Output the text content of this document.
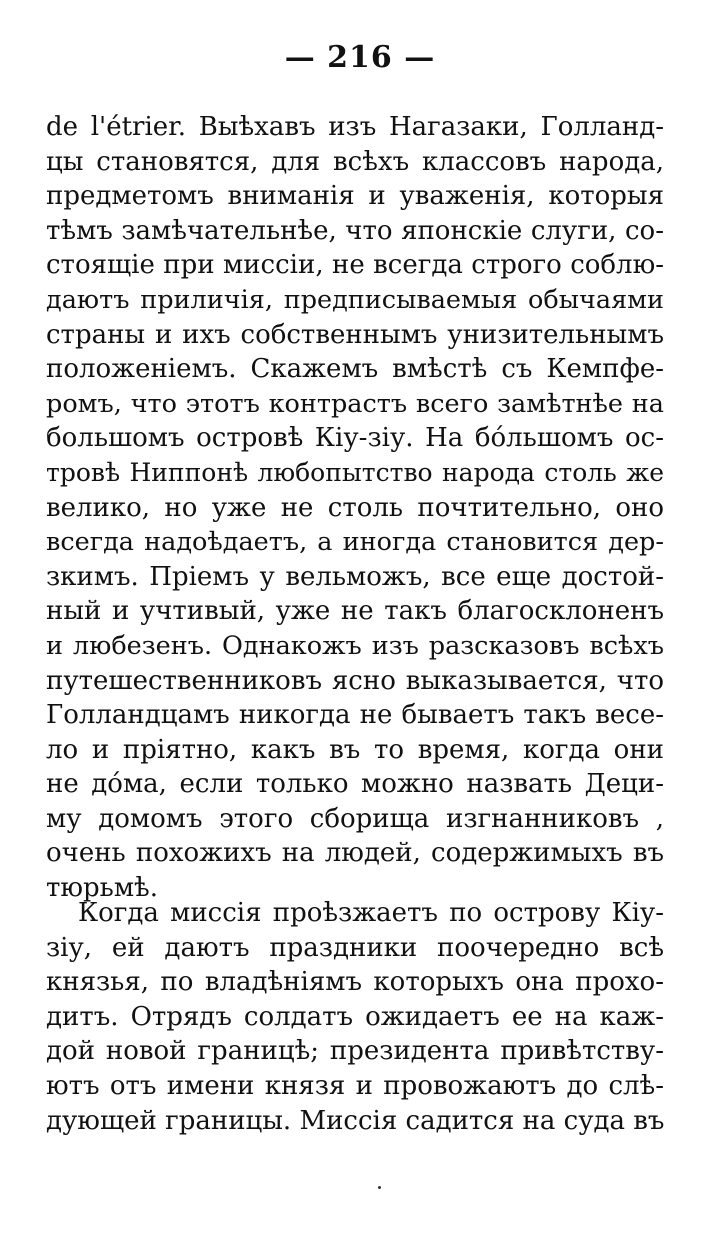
— 216 —
de l'étrier. Выѣхавъ изъ Нагазаки, Голланд-
цы становятся, для всѣхъ классовъ народа,
предметомъ вниманія и уваженія, которыя
тѣмъ замѣчательнѣе, что японскіе слуги, со-
стоящіе при миссіи, не всегда строго соблю-
даютъ приличія, предписываемыя обычаями
страны и ихъ собственнымъ унизительнымъ
положеніемъ. Скажемъ вмѣстѣ съ Кемпфе-
ромъ, что этотъ контрастъ всего замѣтнѣе на
большомъ островѣ Кіу-зіу. На бóльшомъ ос-
тровѣ Ниппонѣ любопытство народа столь же
велико, но уже не столь почтительно, оно
всегда надоѣдаетъ, а иногда становится дер-
зкимъ. Пріемъ у вельможъ, все еще достой-
ный и учтивый, уже не такъ благосклоненъ
и любезенъ. Однакожъ изъ разсказовъ всѣхъ
путешественниковъ ясно выказывается, что
Голландцамъ никогда не бываетъ такъ весе-
ло и пріятно, какъ въ то время, когда они
не дóма, если только можно назвать Деци-
му домомъ этого сборища изгнанниковъ ,
очень похожихъ на людей, содержимыхъ въ
тюрьмѣ.
Когда миссія проѣзжаетъ по острову Кіу-
зіу, ей даютъ праздники поочередно всѣ
князья, по владѣніямъ которыхъ она прохо-
дитъ. Отрядъ солдатъ ожидаетъ ее на каж-
дой новой границѣ; президента привѣтству-
ютъ отъ имени князя и провожаютъ до слѣ-
дующей границы. Миссія садится на суда въ
